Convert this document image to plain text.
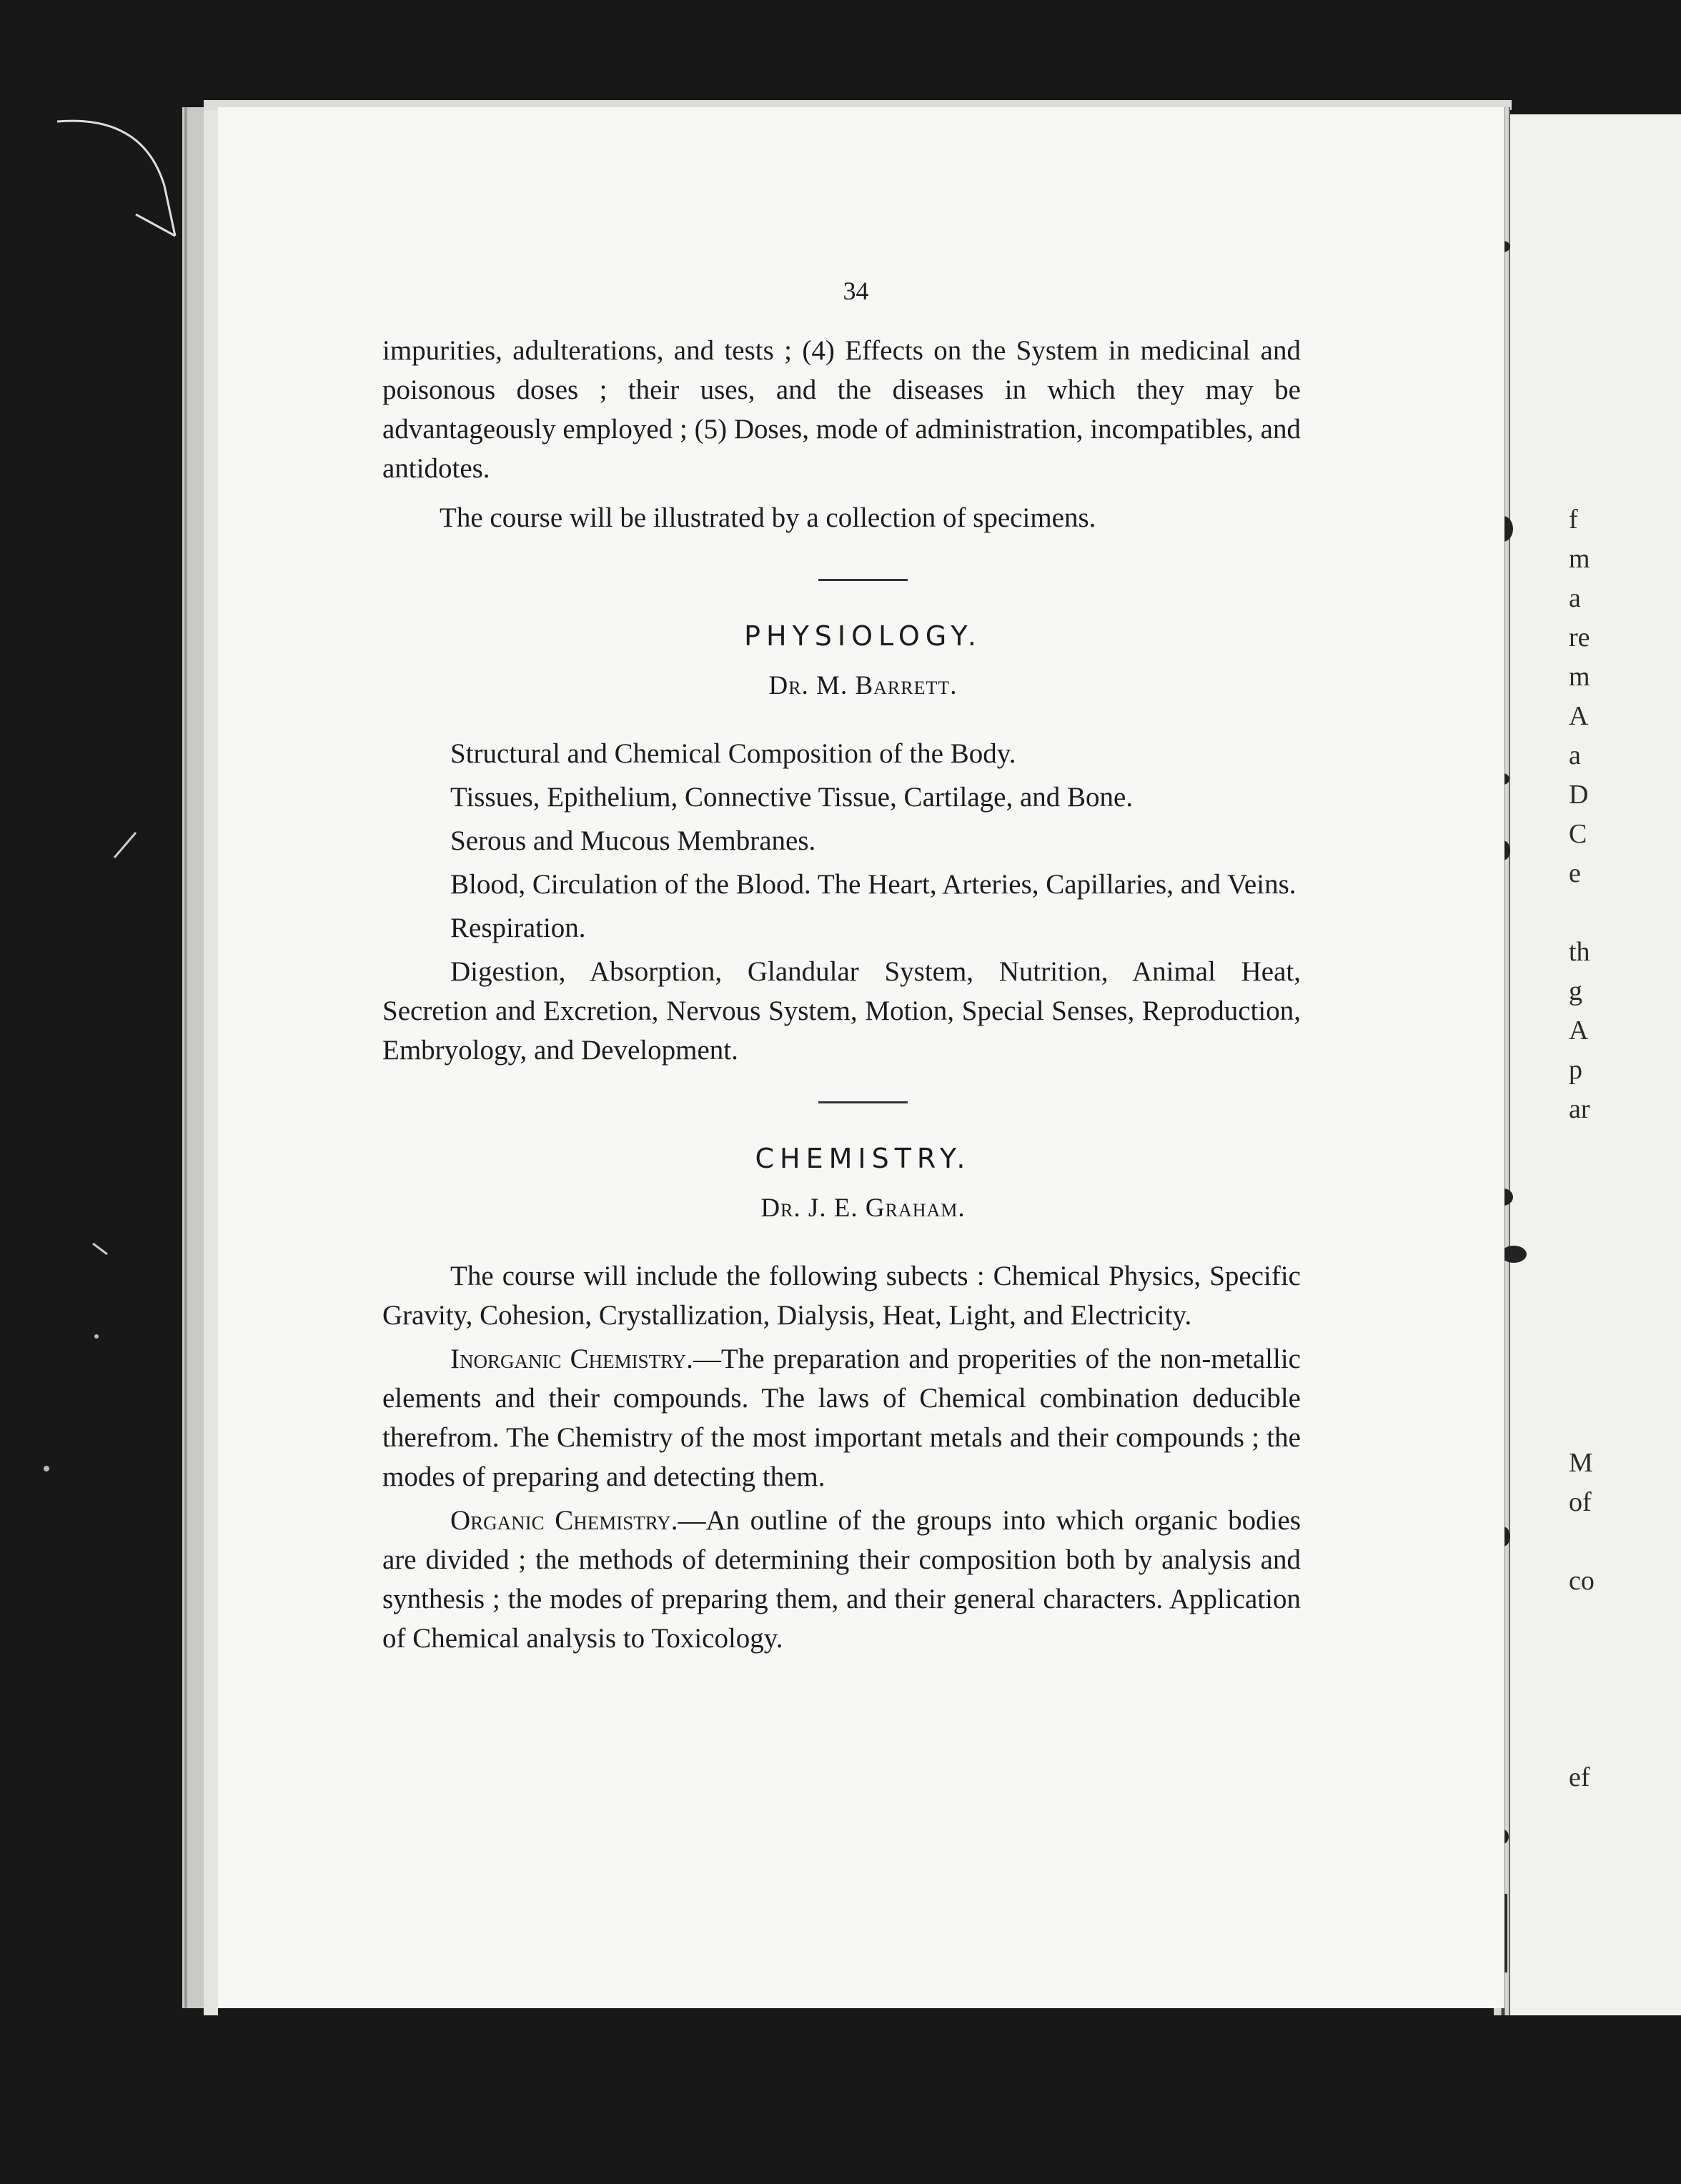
34

impurities, adulterations, and tests ; (4) Effects on the System in medicinal and poisonous doses ; their uses, and the diseases in which they may be advantageously employed ; (5) Doses, mode of administration, incompatibles, and antidotes.

The course will be illustrated by a collection of specimens.

PHYSIOLOGY.
Dr. M. Barrett.

Structural and Chemical Composition of the Body.

Tissues, Epithelium, Connective Tissue, Cartilage, and Bone.

Serous and Mucous Membranes.

Blood, Circulation of the Blood. The Heart, Arteries, Capillaries, and Veins.

Respiration.

Digestion, Absorption, Glandular System, Nutrition, Animal Heat, Secretion and Excretion, Nervous System, Motion, Special Senses, Reproduction, Embryology, and Development.

CHEMISTRY.
Dr. J. E. Graham.

The course will include the following subects : Chemical Physics, Specific Gravity, Cohesion, Crystallization, Dialysis, Heat, Light, and Electricity.

Inorganic Chemistry.—The preparation and properities of the non-metallic elements and their compounds. The laws of Chemical combination deducible therefrom. The Chemistry of the most important metals and their compounds ; the modes of preparing and detecting them.

Organic Chemistry.—An outline of the groups into which organic bodies are divided ; the methods of determining their composition both by analysis and synthesis ; the modes of preparing them, and their general characters. Application of Chemical analysis to Toxicology.

f
m
a
re
m
A
a
D
C
e
th
g
A
p
ar
M
of
co
ef
